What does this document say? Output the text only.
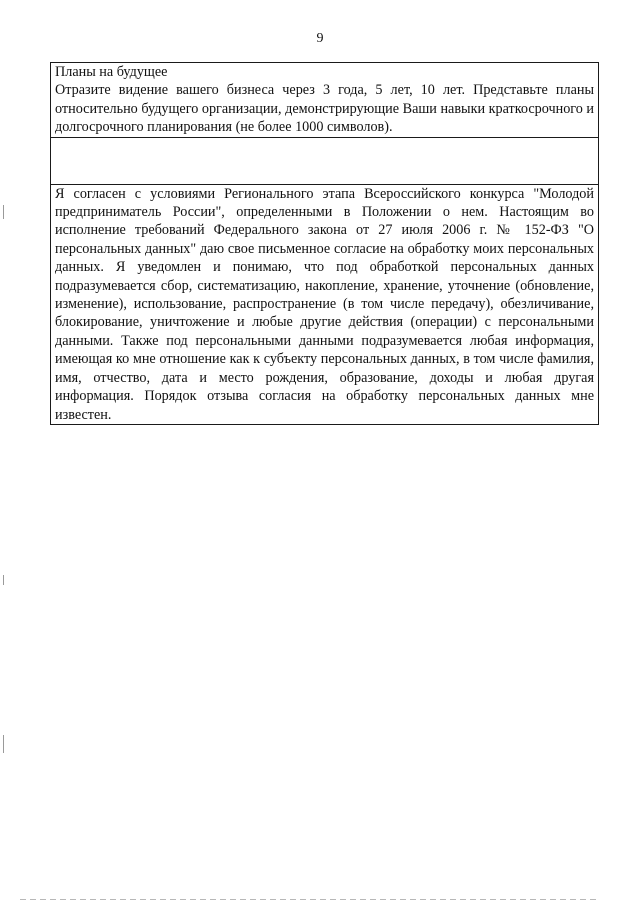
9
Планы на будущее
Отразите видение вашего бизнеса через 3 года, 5 лет, 10 лет. Представьте планы относительно будущего организации, демонстрирующие Ваши навыки краткосрочного и долгосрочного планирования (не более 1000 символов).

Я согласен с условиями Регионального этапа Всероссийского конкурса "Молодой предприниматель России", определенными в Положении о нем. Настоящим во исполнение требований Федерального закона от 27 июля 2006 г. № 152-ФЗ "О персональных данных" даю свое письменное согласие на обработку моих персональных данных. Я уведомлен и понимаю, что под обработкой персональных данных подразумевается сбор, систематизацию, накопление, хранение, уточнение (обновление, изменение), использование, распространение (в том числе передачу), обезличивание, блокирование, уничтожение и любые другие действия (операции) с персональными данными. Также под персональными данными подразумевается любая информация, имеющая ко мне отношение как к субъекту персональных данных, в том числе фамилия, имя, отчество, дата и место рождения, образование, доходы и любая другая информация. Порядок отзыва согласия на обработку персональных данных мне известен.
